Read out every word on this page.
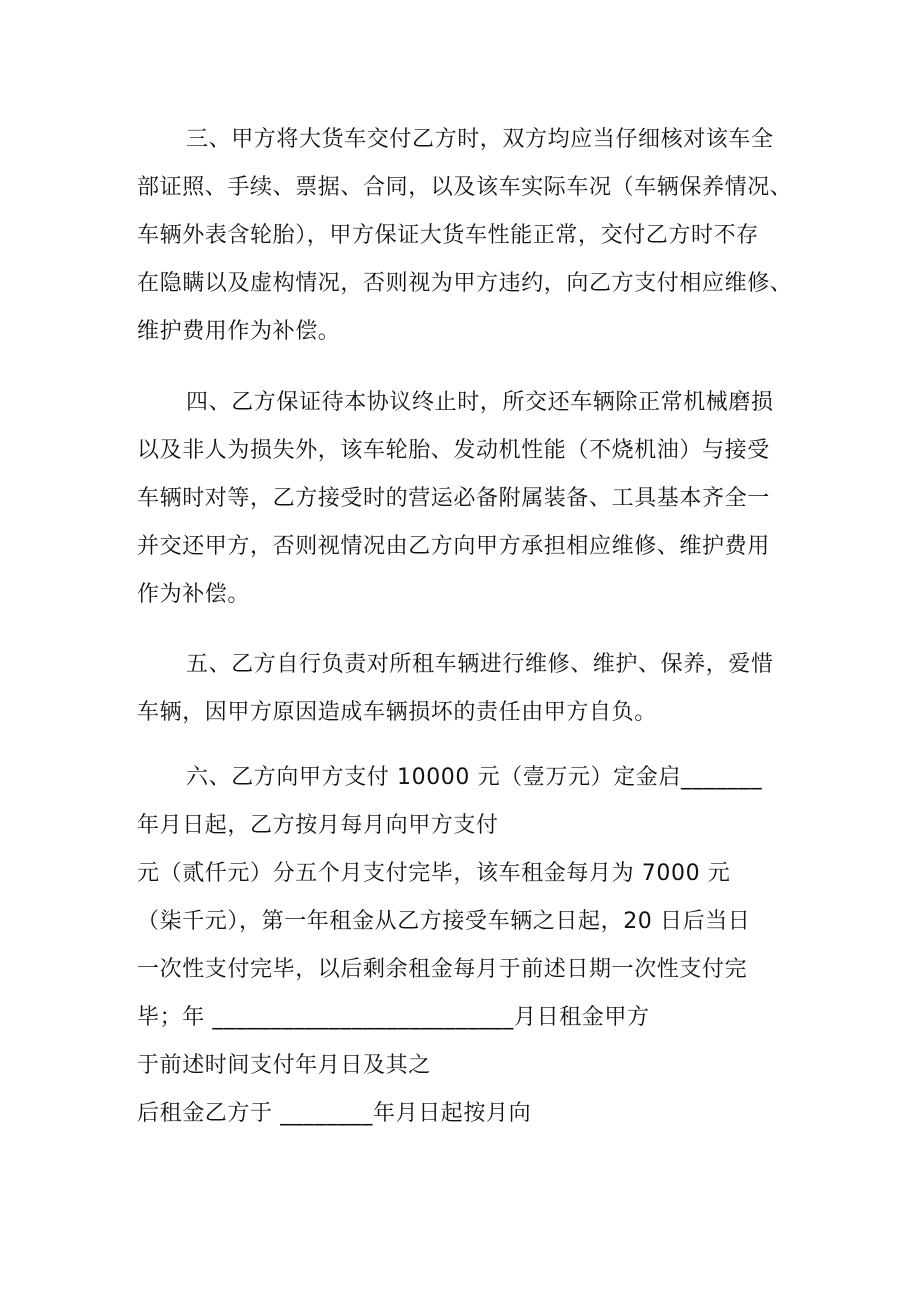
三、甲方将大货车交付乙方时，双方均应当仔细核对该车全
部证照、手续、票据、合同，以及该车实际车况（车辆保养情况、
车辆外表含轮胎），甲方保证大货车性能正常，交付乙方时不存
在隐瞒以及虚构情况，否则视为甲方违约，向乙方支付相应维修、
维护费用作为补偿。
四、乙方保证待本协议终止时，所交还车辆除正常机械磨损
以及非人为损失外，该车轮胎、发动机性能（不烧机油）与接受
车辆时对等，乙方接受时的营运必备附属装备、工具基本齐全一
并交还甲方，否则视情况由乙方向甲方承担相应维修、维护费用
作为补偿。
五、乙方自行负责对所租车辆进行维修、维护、保养，爱惜
车辆，因甲方原因造成车辆损坏的责任由甲方自负。
六、乙方向甲方支付 10000 元（壹万元）定金启_______
年月日起，乙方按月每月向甲方支付
元（贰仟元）分五个月支付完毕，该车租金每月为 7000 元
（柒千元），第一年租金从乙方接受车辆之日起，20 日后当日
一次性支付完毕，以后剩余租金每月于前述日期一次性支付完
毕；年 __________________________月日租金甲方
于前述时间支付年月日及其之
后租金乙方于 ________年月日起按月向
